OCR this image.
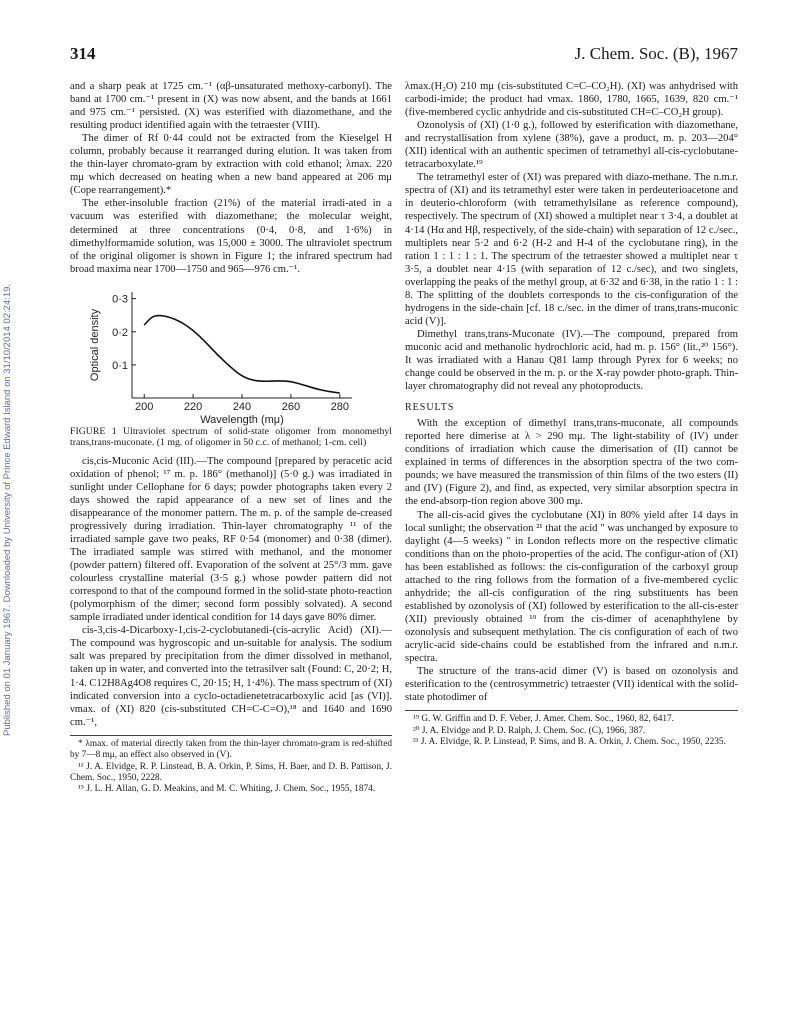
Published on 01 January 1967. Downloaded by University of Prince Edward Island on 31/10/2014 02:24:19.
314	J. Chem. Soc. (B), 1967

and a sharp peak at 1725 cm.⁻¹ (αβ-unsaturated methoxy-carbonyl). The band at 1700 cm.⁻¹ present in (X) was now absent, and the bands at 1661 and 975 cm.⁻¹ persisted. (X) was esterified with diazomethane, and the resulting product identified again with the tetraester (VIII).

The dimer of Rf 0·44 could not be extracted from the Kieselgel H column, probably because it rearranged during elution. It was taken from the thin-layer chromato-gram by extraction with cold ethanol; λmax. 220 mμ which decreased on heating when a new band appeared at 206 mμ (Cope rearrangement).*

The ether-insoluble fraction (21%) of the material irradi-ated in a vacuum was esterified with diazomethane; the molecular weight, determined at three concentrations (0·4, 0·8, and 1·6%) in dimethylformamide solution, was 15,000 ± 3000. The ultraviolet spectrum of the original oligomer is shown in Figure 1; the infrared spectrum had broad maxima near 1700—1750 and 965—976 cm.⁻¹.

200	220	240	260	280
0·1
0·2
0·3
Wavelength (mμ)
Optical density

FIGURE 1 Ultraviolet spectrum of solid-state oligomer from monomethyl trans,trans-muconate. (1 mg. of oligomer in 50 c.c. of methanol; 1-cm. cell)

cis,cis-Muconic Acid (III).—The compound [prepared by peracetic acid oxidation of phenol; ¹⁷ m. p. 186° (methanol)] (5·0 g.) was irradiated in sunlight under Cellophane for 6 days; powder photographs taken every 2 days showed the rapid appearance of a new set of lines and the disappearance of the monomer pattern. The m. p. of the sample de-creased progressively during irradiation. Thin-layer chromatography ¹¹ of the irradiated sample gave two peaks, RF 0·54 (monomer) and 0·38 (dimer). The irradiated sample was stirred with methanol, and the monomer (powder pattern) filtered off. Evaporation of the solvent at 25°/3 mm. gave colourless crystalline material (3·5 g.) whose powder pattern did not correspond to that of the compound formed in the solid-state photo-reaction (polymorphism of the dimer; second form possibly solvated). A second sample irradiated under identical condition for 14 days gave 80% dimer.

cis-3,cis-4-Dicarboxy-1,cis-2-cyclobutanedi-(cis-acrylic Acid) (XI).—The compound was hygroscopic and un-suitable for analysis. The sodium salt was prepared by precipitation from the dimer dissolved in methanol, taken up in water, and converted into the tetrasilver salt (Found: C, 20·2; H, 1·4. C12H8Ag4O8 requires C, 20·15; H, 1·4%). The mass spectrum of (XI) indicated conversion into a cyclo-octadienetetracarboxylic acid [as (VI)]. νmax. of (XI) 820 (cis-substituted CH=C-C=O),¹⁸ and 1640 and 1690 cm.⁻¹,

* λmax. of material directly taken from the thin-layer chromato-gram is red-shifted by 7—8 mμ, an effect also observed in (V).

¹¹ J. A. Elvidge, R. P. Linstead, B. A. Orkin, P. Sims, H. Baer, and D. B. Pattison, J. Chem. Soc., 1950, 2228.

¹⁵ J. L. H. Allan, G. D. Meakins, and M. C. Whiting, J. Chem. Soc., 1955, 1874.

λmax.(H₂O) 210 mμ (cis-substituted C=C–CO₂H). (XI) was anhydrised with carbodi-imide; the product had νmax. 1860, 1780, 1665, 1639, 820 cm.⁻¹ (five-membered cyclic anhydride and cis-substituted CH=C–CO₂H group).

Ozonolysis of (XI) (1·0 g.), followed by esterification with diazomethane, and recrystallisation from xylene (38%), gave a product, m. p. 203—204° (XII) identical with an authentic specimen of tetramethyl all-cis-cyclobutane-tetracarboxylate.¹⁹

The tetramethyl ester of (XI) was prepared with diazo-methane. The n.m.r. spectra of (XI) and its tetramethyl ester were taken in perdeuterioacetone and in deuterio-chloroform (with tetramethylsilane as reference compound), respectively. The spectrum of (XI) showed a multiplet near τ 3·4, a doublet at 4·14 (Hα and Hβ, respectively, of the side-chain) with separation of 12 c./sec., multiplets near 5·2 and 6·2 (H-2 and H-4 of the cyclobutane ring), in the ration 1 : 1 : 1 : 1. The spectrum of the tetraester showed a multiplet near τ 3·5, a doublet near 4·15 (with separation of 12 c./sec), and two singlets, overlapping the peaks of the methyl group, at 6·32 and 6·38, in the ratio 1 : 1 : 8. The splitting of the doublets corresponds to the cis-configuration of the hydrogens in the side-chain [cf. 18 c./sec. in the dimer of trans,trans-muconic acid (V)].

Dimethyl trans,trans-Muconate (IV).—The compound, prepared from muconic acid and methanolic hydrochloric acid, had m. p. 156° (lit.,²⁰ 156°). It was irradiated with a Hanau Q81 lamp through Pyrex for 6 weeks; no change could be observed in the m. p. or the X-ray powder photo-graph. Thin-layer chromatography did not reveal any photoproducts.

RESULTS

With the exception of dimethyl trans,trans-muconate, all compounds reported here dimerise at λ > 290 mμ. The light-stability of (IV) under conditions of irradiation which cause the dimerisation of (II) cannot be explained in terms of differences in the absorption spectra of the two com-pounds; we have measured the transmission of thin films of the two esters (II) and (IV) (Figure 2), and find, as expected, very similar absorption spectra in the end-absorp-tion region above 300 mμ.

The all-cis-acid gives the cyclobutane (XI) in 80% yield after 14 days in local sunlight; the observation ²¹ that the acid " was unchanged by exposure to daylight (4—5 weeks) " in London reflects more on the respective climatic conditions than on the photo-properties of the acid. The configur-ation of (XI) has been established as follows: the cis-configuration of the carboxyl group attached to the ring follows from the formation of a five-membered cyclic anhydride; the all-cis configuration of the ring substituents has been established by ozonolysis of (XI) followed by esterification to the all-cis-ester (XII) previously obtained ¹⁹ from the cis-dimer of acenaphthylene by ozonolysis and subsequent methylation. The cis configuration of each of two acrylic-acid side-chains could be established from the infrared and n.m.r. spectra.

The structure of the trans-acid dimer (V) is based on ozonolysis and esterification to the (centrosymmetric) tetraester (VII) identical with the solid-state photodimer of

¹⁹ G. W. Griffin and D. F. Veber, J. Amer. Chem. Soc., 1960, 82, 6417.

²⁰ J. A. Elvidge and P. D. Ralph, J. Chem. Soc. (C), 1966, 387.

²¹ J. A. Elvidge, R. P. Linstead, P. Sims, and B. A. Orkin, J. Chem. Soc., 1950, 2235.
